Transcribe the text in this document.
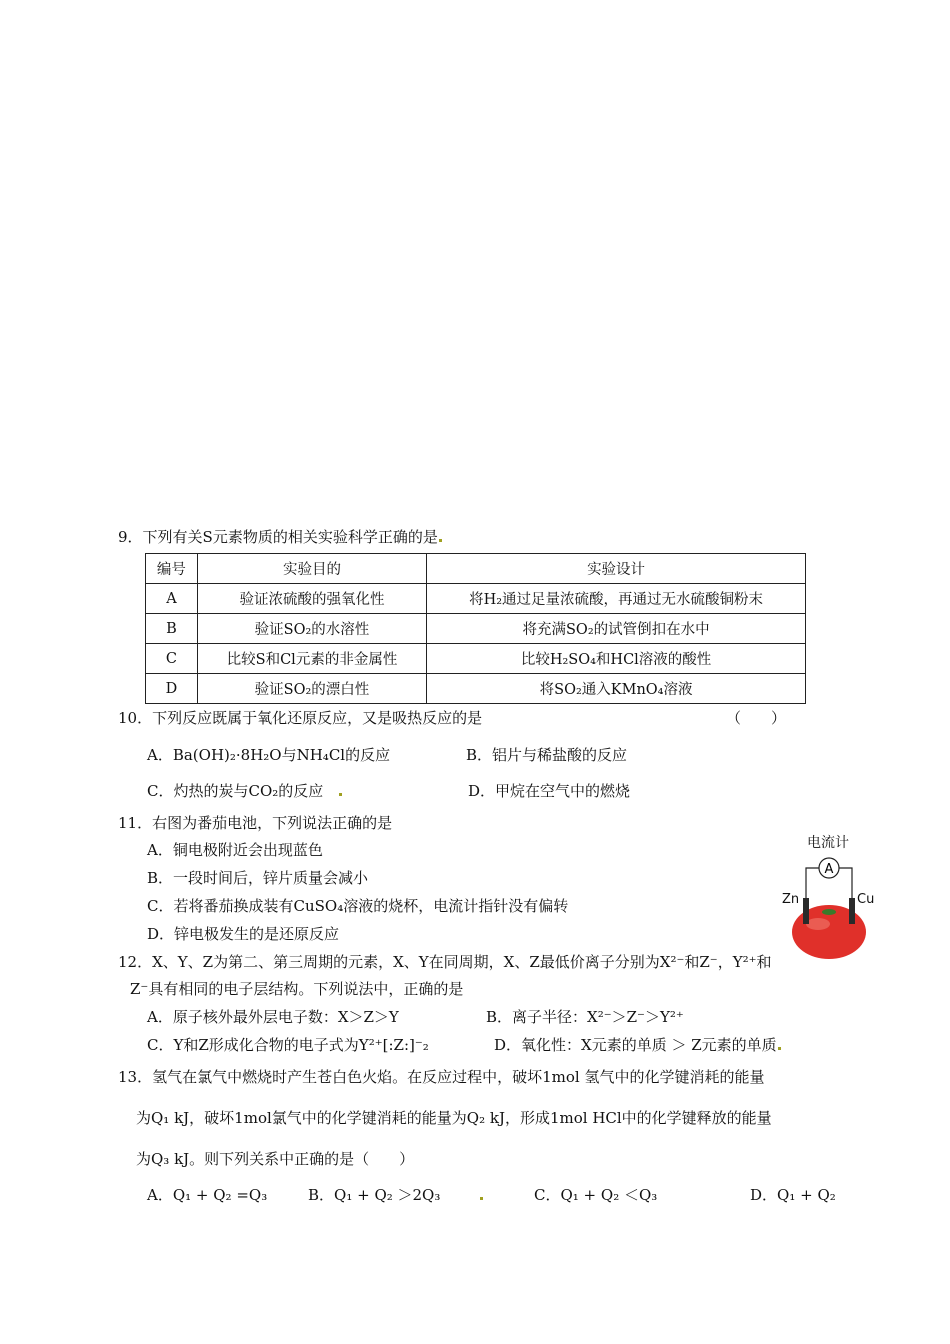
9．下列有关S元素物质的相关实验科学正确的是
编号	实验目的	实验设计
A	验证浓硫酸的强氧化性	将H₂通过足量浓硫酸，再通过无水硫酸铜粉末
B	验证SO₂的水溶性	将充满SO₂的试管倒扣在水中
C	比较S和Cl元素的非金属性	比较H₂SO₄和HCl溶液的酸性
D	验证SO₂的漂白性	将SO₂通入KMnO₄溶液
10．下列反应既属于氧化还原反应，又是吸热反应的是	（　　）
A．Ba(OH)₂·8H₂O与NH₄Cl的反应	B．铝片与稀盐酸的反应
C．灼热的炭与CO₂的反应	D．甲烷在空气中的燃烧
11．右图为番茄电池，下列说法正确的是
A．铜电极附近会出现蓝色
B．一段时间后，锌片质量会减小
C．若将番茄换成装有CuSO₄溶液的烧杯，电流计指针没有偏转
D．锌电极发生的是还原反应
电流计
A
Zn	Cu
12．X、Y、Z为第二、第三周期的元素，X、Y在同周期，X、Z最低价离子分别为X²⁻和Z⁻，Y²⁺和
Z⁻具有相同的电子层结构。下列说法中，正确的是
A．原子核外最外层电子数：X＞Z＞Y	B．离子半径：X²⁻＞Z⁻＞Y²⁺
C．Y和Z形成化合物的电子式为Y²⁺[:Z:]⁻₂	D．氧化性：X元素的单质 ＞ Z元素的单质
13．氢气在氯气中燃烧时产生苍白色火焰。在反应过程中，破坏1mol 氢气中的化学键消耗的能量
为Q₁ kJ，破坏1mol氯气中的化学键消耗的能量为Q₂ kJ，形成1mol HCl中的化学键释放的能量
为Q₃ kJ。则下列关系中正确的是（　　）
A．Q₁ + Q₂ =Q₃	B．Q₁ + Q₂ ＞2Q₃	C．Q₁ + Q₂ ＜Q₃	D．Q₁ + Q₂
